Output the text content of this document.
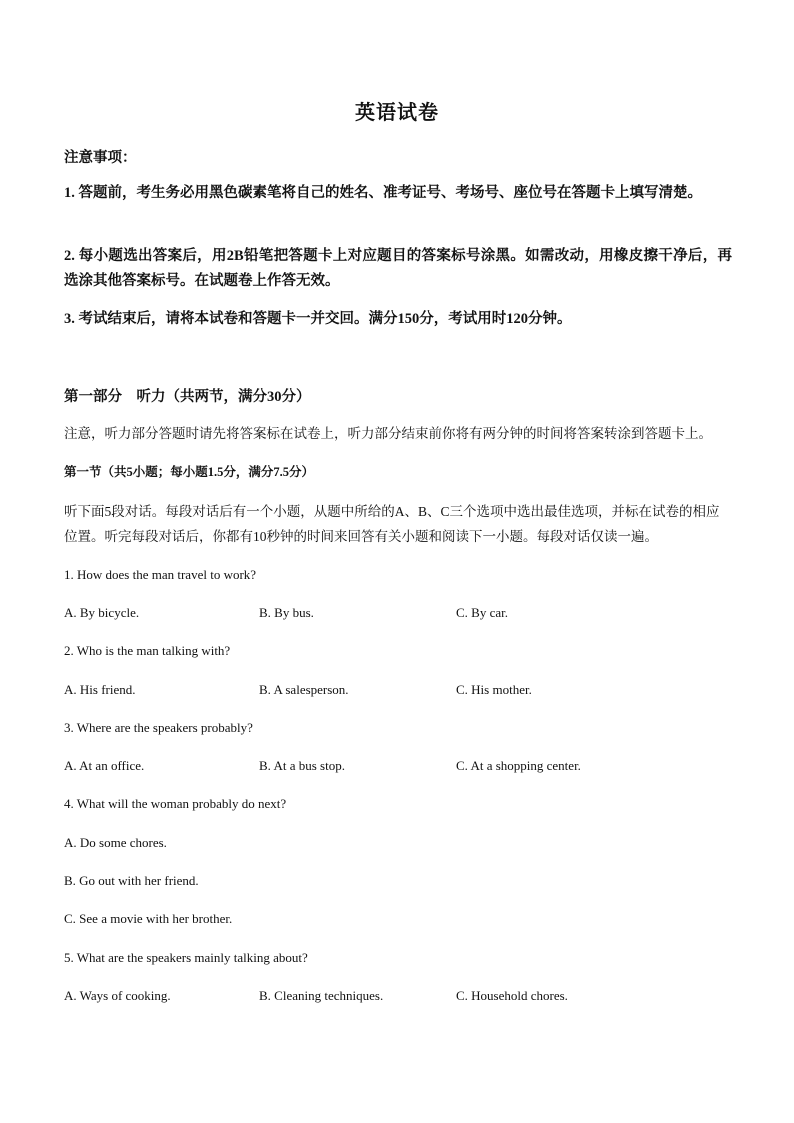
英语试卷
注意事项：
1. 答题前，考生务必用黑色碳素笔将自己的姓名、准考证号、考场号、座位号在答题卡上填写清楚。
2. 每小题选出答案后，用2B铅笔把答题卡上对应题目的答案标号涂黑。如需改动，用橡皮擦干净后，再选涂其他答案标号。在试题卷上作答无效。
3. 考试结束后，请将本试卷和答题卡一并交回。满分150分，考试用时120分钟。
第一部分    听力（共两节，满分30分）
注意，听力部分答题时请先将答案标在试卷上，听力部分结束前你将有两分钟的时间将答案转涂到答题卡上。
第一节（共5小题；每小题1.5分，满分7.5分）
听下面5段对话。每段对话后有一个小题，从题中所给的A、B、C三个选项中选出最佳选项，并标在试卷的相应位置。听完每段对话后，你都有10秒钟的时间来回答有关小题和阅读下一小题。每段对话仅读一遍。
1. How does the man travel to work?
A. By bicycle.	B. By bus.	C. By car.
2. Who is the man talking with?
A. His friend.	B. A salesperson.	C. His mother.
3. Where are the speakers probably?
A. At an office.	B. At a bus stop.	C. At a shopping center.
4. What will the woman probably do next?
A. Do some chores.
B. Go out with her friend.
C. See a movie with her brother.
5. What are the speakers mainly talking about?
A. Ways of cooking.	B. Cleaning techniques.	C. Household chores.
